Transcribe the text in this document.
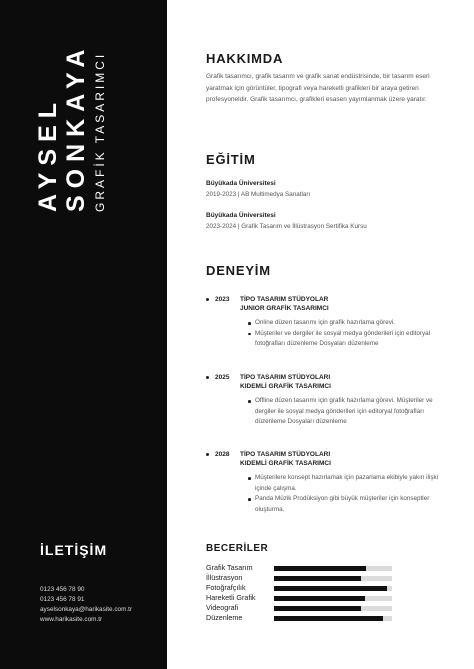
AYSEL SONKAYA GRAFİK TASARIMCI
İLETİŞİM
0123 456 78 90
0123 456 78 91
ayselsonkaya@harikasite.com.tr
www.harikasite.com.tr
HAKKIMDA
Grafik tasarımcı, grafik tasarım ve grafik sanat endüstrisinde, bir tasarım eseri yaratmak için görüntüler, tipografi veya hareketli grafikleri bir araya getiren profesyoneldir. Grafik tasarımcı, grafikleri esasen yayımlanmak üzere yaratır.
EĞİTİM
Büyükada Üniversitesi
2019-2023 | AB Multimedya Sanatları
Büyükada Üniversitesi
2023-2024 | Grafik Tasarım ve İllüstrasyon Sertifika Kursu
DENEYİM
2023 TİPO TASARIM STÜDYOLAR
JUNIOR GRAFİK TASARIMCI
Online düzen tasarımı için grafik hazırlama görevi.
Müşteriler ve dergiler ile sosyal medya gönderileri için editoryal fotoğrafları düzenleme Dosyaları düzenleme
2025 TİPO TASARIM STÜDYOLARI
KIDEMLİ GRAFİK TASARIMCI
Offline düzen tasarımı için grafik hazırlama görevi. Müşteriler ve dergiler ile sosyal medya gönderileri için editoryal fotoğrafları düzenleme Dosyaları düzenleme
2028 TİPO TASARIM STÜDYOLARI
KIDEMLİ GRAFİK TASARIMCI
Müşterilere konsept hazırlamak için pazarlama ekibiyle yakın ilişki içinde çalışma.
Panda Müzik Prodüksiyon gibi büyük müşteriler için konseptler oluşturma.
BECERİLER
Grafik Tasarım
İllüstrasyon
Fotoğrafçılık
Hareketli Grafik
Videografi
Düzenleme
